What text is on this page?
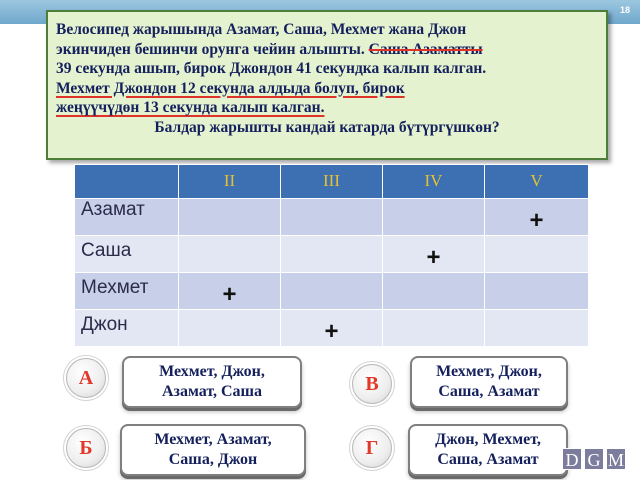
18

Велосипед жарышында Азамат, Саша, Мехмет жана Джон

экинчиден бешинчи орунга чейин алышты. Саша Азаматты

39 секунда ашып, бирок Джондон 41 секундка калып калган.

Мехмет Джондон 12 секунда алдыда болуп, бирок

жеңүүчүдөн 13 секунда калып калган.

Балдар жарышты кандай катарда бүтүргүшкөн?

	II	III	IV	V
Азамат				+
Саша			+	
Мехмет	+			
Джон		+		
А	Мехмет, Джон,
Азамат, Саша	В
Мехмет, Джон,
Саша, Азамат
Б	Мехмет, Азамат,
Саша, Джон
Г	Джон, Мехмет,
Саша, Азамат D G M
